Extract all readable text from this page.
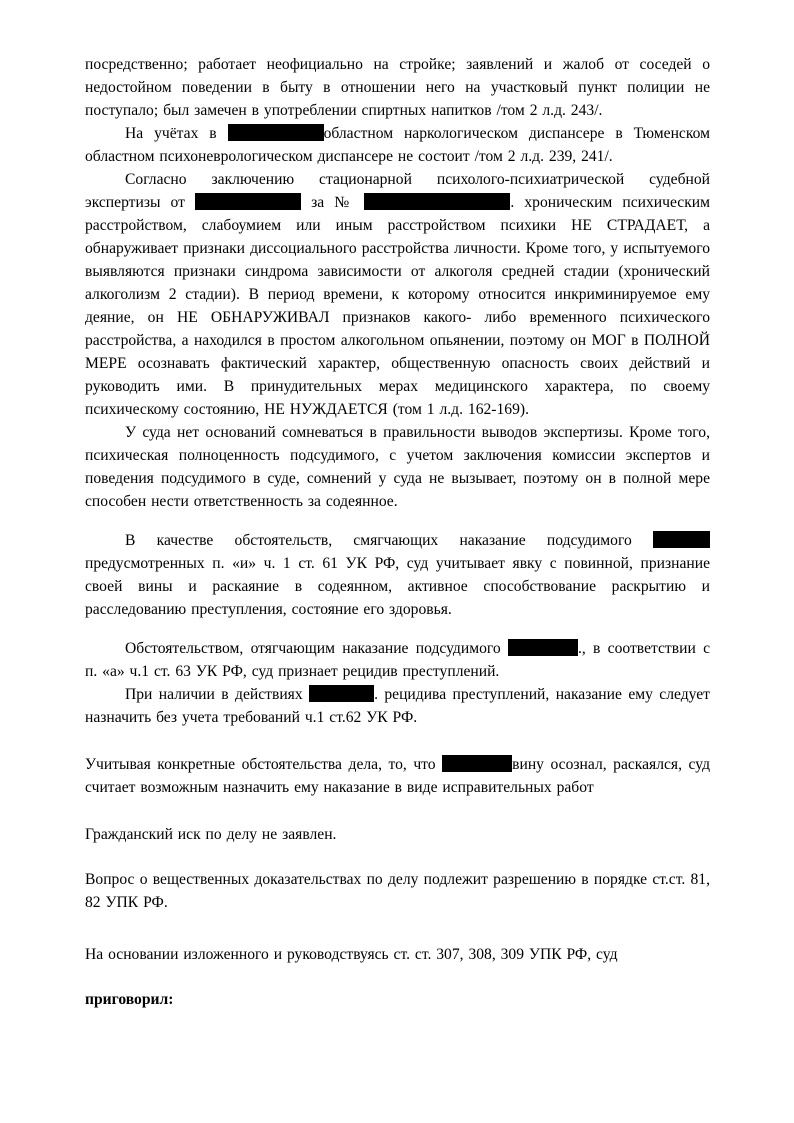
посредственно; работает неофициально на стройке; заявлений и жалоб от соседей о недостойном поведении в быту в отношении него на участковый пункт полиции не поступало; был замечен в употреблении спиртных напитков /том 2 л.д. 243/.

На учётах в	областном наркологическом диспансере в Тюменском областном психоневрологическом диспансере не состоит /том 2 л.д. 239, 241/.

Согласно заключению стационарной психолого-психиатрической судебной экспертизы от	за №	. хроническим психическим расстройством, слабоумием или иным расстройством психики НЕ СТРАДАЕТ, а обнаруживает признаки диссоциального расстройства личности. Кроме того, у испытуемого выявляются признаки синдрома зависимости от алкоголя средней стадии (хронический алкоголизм 2 стадии). В период времени, к которому относится инкриминируемое ему деяние, он НЕ ОБНАРУЖИВАЛ признаков какого- либо временного психического расстройства, а находился в простом алкогольном опьянении, поэтому он МОГ в ПОЛНОЙ МЕРЕ осознавать фактический характер, общественную опасность своих действий и руководить ими. В принудительных мерах медицинского характера, по своему психическому состоянию, НЕ НУЖДАЕТСЯ (том 1 л.д. 162-169).

У суда нет оснований сомневаться в правильности выводов экспертизы. Кроме того, психическая полноценность подсудимого, с учетом заключения комиссии экспертов и поведения подсудимого в суде, сомнений у суда не вызывает, поэтому он в полной мере способен нести ответственность за содеянное.

В качестве обстоятельств, смягчающих наказание подсудимого  предусмотренных п. «и» ч. 1 ст. 61 УК РФ, суд учитывает явку с повинной, признание своей вины и раскаяние в содеянном, активное способствование раскрытию и расследованию преступления, состояние его здоровья.

Обстоятельством, отягчающим наказание подсудимого	., в соответствии с п. «а» ч.1 ст. 63 УК РФ, суд признает рецидив преступлений.

При наличии в действиях	. рецидива преступлений, наказание ему следует назначить без учета требований ч.1 ст.62 УК РФ.

Учитывая конкретные обстоятельства дела, то, что	вину осознал, раскаялся, суд считает возможным назначить ему наказание в виде исправительных работ

Гражданский иск по делу не заявлен.

Вопрос о вещественных доказательствах по делу подлежит разрешению в порядке ст.ст. 81, 82 УПК РФ.

На основании изложенного и руководствуясь ст. ст. 307, 308, 309 УПК РФ, суд

приговорил:
